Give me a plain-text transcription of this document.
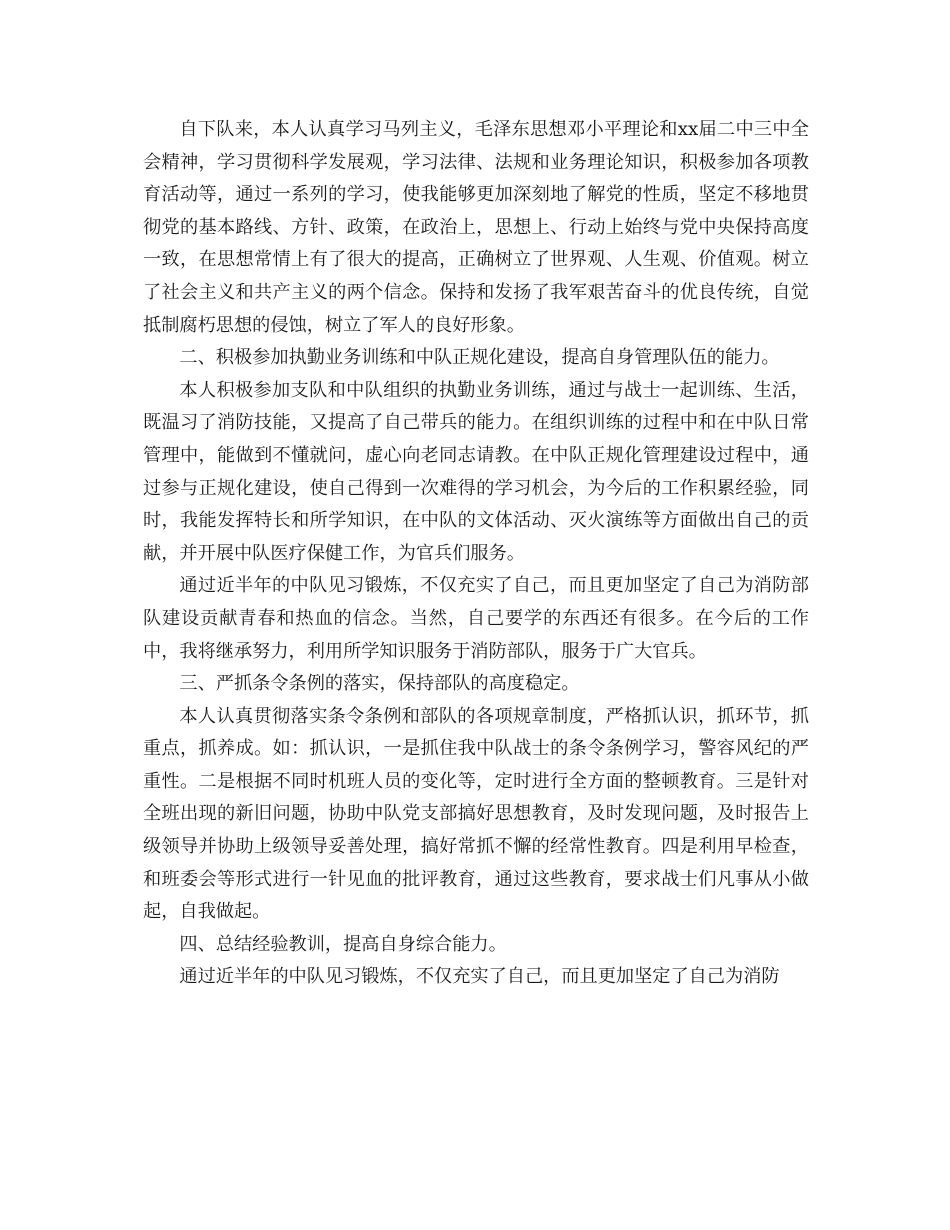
自下队来，本人认真学习马列主义，毛泽东思想邓小平理论和xx届二中三中全会精神，学习贯彻科学发展观，学习法律、法规和业务理论知识，积极参加各项教育活动等，通过一系列的学习，使我能够更加深刻地了解党的性质，坚定不移地贯彻党的基本路线、方针、政策，在政治上，思想上、行动上始终与党中央保持高度一致，在思想常情上有了很大的提高，正确树立了世界观、人生观、价值观。树立了社会主义和共产主义的两个信念。保持和发扬了我军艰苦奋斗的优良传统，自觉抵制腐朽思想的侵蚀，树立了军人的良好形象。

二、积极参加执勤业务训练和中队正规化建设，提高自身管理队伍的能力。

本人积极参加支队和中队组织的执勤业务训练，通过与战士一起训练、生活，既温习了消防技能，又提高了自己带兵的能力。在组织训练的过程中和在中队日常管理中，能做到不懂就问，虚心向老同志请教。在中队正规化管理建设过程中，通过参与正规化建设，使自己得到一次难得的学习机会，为今后的工作积累经验，同时，我能发挥特长和所学知识，在中队的文体活动、灭火演练等方面做出自己的贡献，并开展中队医疗保健工作，为官兵们服务。

通过近半年的中队见习锻炼，不仅充实了自己，而且更加坚定了自己为消防部队建设贡献青春和热血的信念。当然，自己要学的东西还有很多。在今后的工作中，我将继承努力，利用所学知识服务于消防部队，服务于广大官兵。

三、严抓条令条例的落实，保持部队的高度稳定。

本人认真贯彻落实条令条例和部队的各项规章制度，严格抓认识，抓环节，抓重点，抓养成。如：抓认识，一是抓住我中队战士的条令条例学习，警容风纪的严重性。二是根据不同时机班人员的变化等，定时进行全方面的整顿教育。三是针对全班出现的新旧问题，协助中队党支部搞好思想教育，及时发现问题，及时报告上级领导并协助上级领导妥善处理，搞好常抓不懈的经常性教育。四是利用早检查，和班委会等形式进行一针见血的批评教育，通过这些教育，要求战士们凡事从小做起，自我做起。

四、总结经验教训，提高自身综合能力。

通过近半年的中队见习锻炼，不仅充实了自己，而且更加坚定了自己为消防
